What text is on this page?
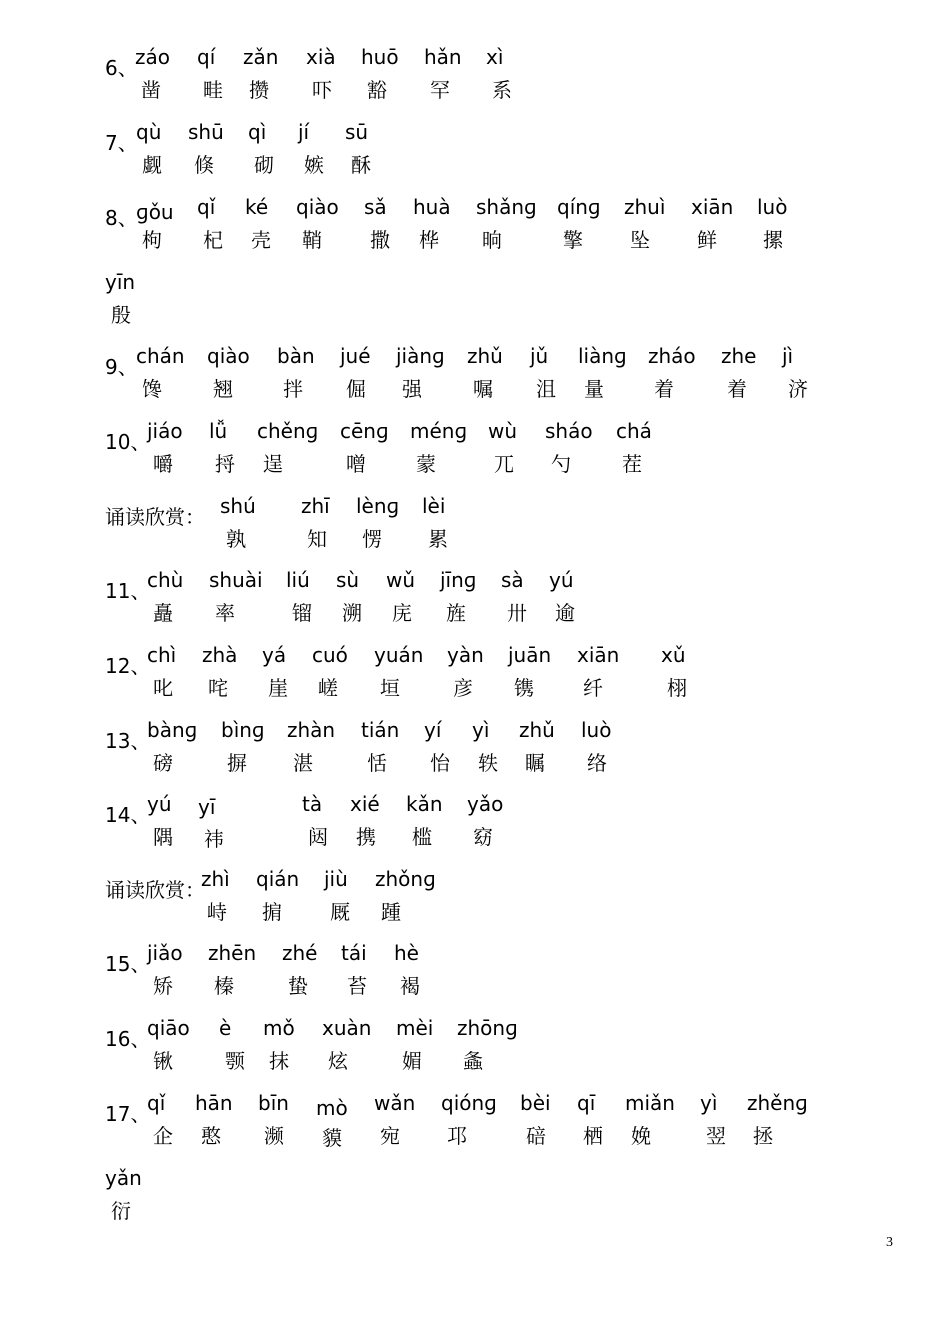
6、
záo
凿
qí
畦
zǎn
攒
xià
吓
huō
豁
hǎn
罕
xì
系
7、
qù
觑
shū
倏
qì
砌
jí
嫉
sū
酥
8、
ɡǒu
枸
qǐ
杞
ké
壳
qiào
鞘
sǎ
撒
huà
桦
shǎnɡ
晌
qínɡ
擎
zhuì
坠
xiān
鲜
luò
摞
yīn
殷
9、
chán
馋
qiào
翘
bàn
拌
jué
倔
jiànɡ
强
zhǔ
嘱
jǔ
沮
liànɡ
量
zháo
着
zhe
着
jì
济
10、
jiáo
嚼
lǚ
捋
chěnɡ
逞
cēnɡ
噌
ménɡ
蒙
wù
兀
sháo
勺
chá
茬
诵读欣赏： shú
孰
zhī
知
lènɡ
愣
lèi
累
11、
chù
矗
shuài
率
liú
镏
sù
溯
wǔ
庑
jīnɡ
旌
sà
卅
yú
逾
12、
chì
叱
zhà
咤
yá
崖
cuó
嵯
yuán
垣
yàn
彦
juān
镌
xiān
纤
xǔ
栩
13、
bànɡ
磅
bìnɡ
摒
zhàn
湛
tián
恬
yí
怡
yì
轶
zhǔ
瞩
luò
络
14、
yú
隅
yī
祎
tà
闼
xié
携
kǎn
槛
yǎo
窈
诵读欣赏：
zhì
峙
qián
掮
jiù
厩
zhǒnɡ
踵
15、
jiǎo
矫
zhēn
榛
zhé
蛰
tái
苔
hè
褐
16、
qiāo
锹
è
颚
mǒ
抹
xuàn
炫
mèi
媚
zhōnɡ
螽
17、
qǐ
企
hān
憨
bīn
濒
mò
貘
wǎn
宛
qiónɡ
邛
bèi
碚
qī
栖
miǎn
娩
yì
翌
zhěnɡ
拯
yǎn
衍
3
